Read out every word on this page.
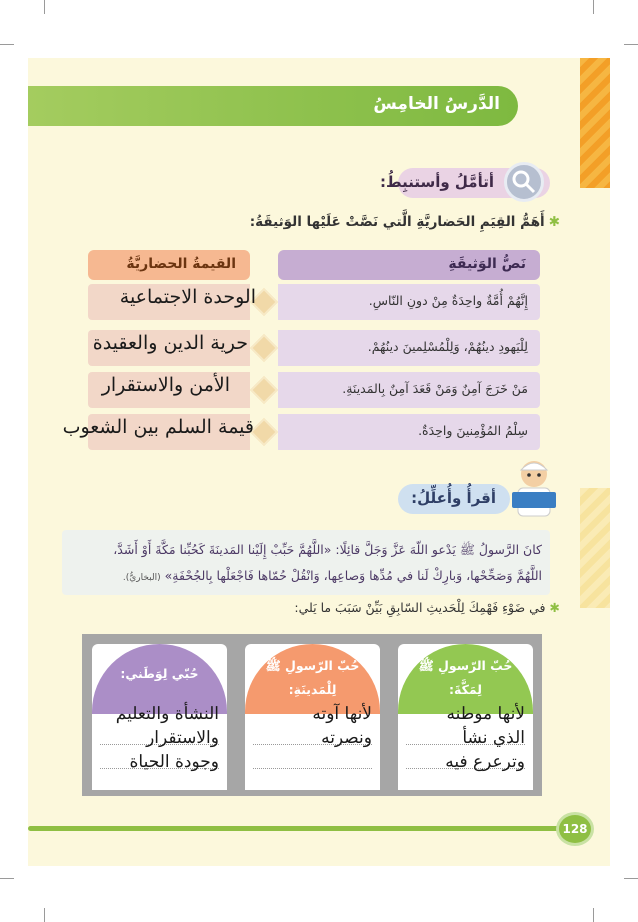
الدَّرسُ الخامِسُ
أتأمَّلُ وأستنبِطُ:
✱أَهَمُّ القِيَمِ الحَضاريَّةِ الَّتي نَصَّتْ عَلَيْها الوَثيقَةُ:
القيمةُ الحضاريَّةُ	نَصُّ الوَثيقَةِ
إِنَّهُمْ أُمَّةٌ واحِدَةٌ مِنْ دونِ النّاسِ.
الوحدة الاجتماعية
لِلْيَهودِ دينُهُمْ، وَلِلْمُسْلِمينَ دينُهُمْ.
حرية الدين والعقيدة
مَنْ خَرَجَ آمِنٌ وَمَنْ قَعَدَ آمِنٌ بِالمَدينَةِ.
الأمن والاستقرار
سِلْمُ المُؤْمِنينَ واحِدَةٌ.
قيمة السلم بين الشعوب
أقرأُ وأُعلِّلُ:

كانَ الرَّسولُ ﷺ يَدْعو اللّهَ عَزَّ وَجَلَّ قائِلًا: «اللَّهُمَّ حَبِّبْ إِلَيْنا المَدينَةَ كَحُبِّنا مَكَّةَ أَوْ أَشَدَّ،

اللَّهُمَّ وَصَحِّحْها، وَبارِكْ لَنا في مُدِّها وَصاعِها، وَانْقُلْ حُمّاها فَاجْعَلْها بِالجُحْفَةِ» (البخاريُّ).

✱في ضَوْءِ فَهْمِكَ لِلْحَديثِ السّابِقِ بَيِّنْ سَبَبَ ما يَلي:
حُبّ الرّسولِ ﷺ
لِمَكَّةَ:
لأنها موطنه
الذي نشأ
وترعرع فيه
حُبّ الرّسولِ ﷺ
لِلْمَدينَةِ:
لأنها آوته
ونصرته
حُبّي لِوَطَني:
النشأة والتعليم
والاستقرار
وجودة الحياة
128
